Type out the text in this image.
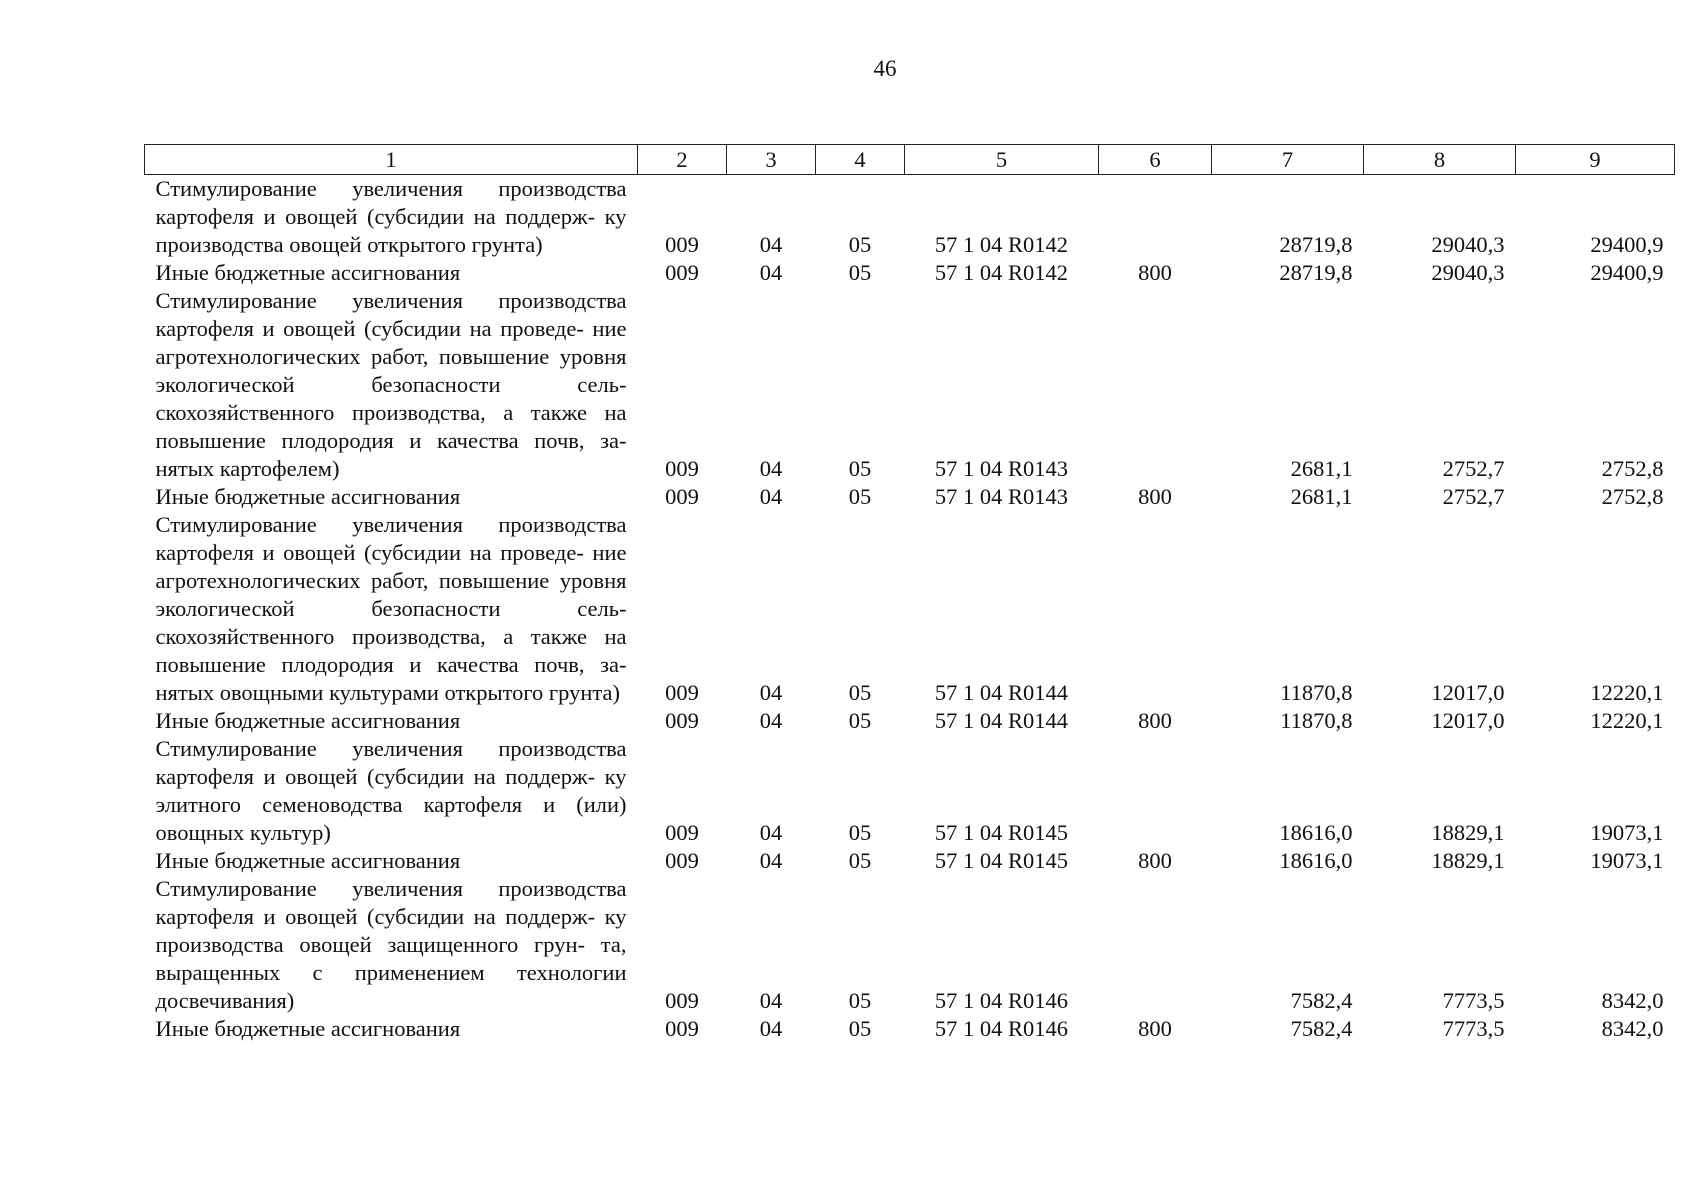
46
1	2	3	4	5	6	7	8	9
Стимулирование увеличения производства картофеля и овощей (субсидии на поддерж- ку производства овощей открытого грунта)	009	04	05	57 1 04 R0142		28719,8	29040,3	29400,9
Иные бюджетные ассигнования	009	04	05	57 1 04 R0142	800	28719,8	29040,3	29400,9
Стимулирование увеличения производства картофеля и овощей (субсидии на проведе- ние агротехнологических работ, повышение уровня экологической безопасности сель- скохозяйственного производства, а также на повышение плодородия и качества почв, за- нятых картофелем)	009	04	05	57 1 04 R0143		2681,1	2752,7	2752,8
Иные бюджетные ассигнования	009	04	05	57 1 04 R0143	800	2681,1	2752,7	2752,8
Стимулирование увеличения производства картофеля и овощей (субсидии на проведе- ние агротехнологических работ, повышение уровня экологической безопасности сель- скохозяйственного производства, а также на повышение плодородия и качества почв, за- нятых овощными культурами открытого грунта)	009	04	05	57 1 04 R0144		11870,8	12017,0	12220,1
Иные бюджетные ассигнования	009	04	05	57 1 04 R0144	800	11870,8	12017,0	12220,1
Стимулирование увеличения производства картофеля и овощей (субсидии на поддерж- ку элитного семеноводства картофеля и (или) овощных культур)	009	04	05	57 1 04 R0145		18616,0	18829,1	19073,1
Иные бюджетные ассигнования	009	04	05	57 1 04 R0145	800	18616,0	18829,1	19073,1
Стимулирование увеличения производства картофеля и овощей (субсидии на поддерж- ку производства овощей защищенного грун- та, выращенных с применением технологии досвечивания)	009	04	05	57 1 04 R0146		7582,4	7773,5	8342,0
Иные бюджетные ассигнования	009	04	05	57 1 04 R0146	800	7582,4	7773,5	8342,0
